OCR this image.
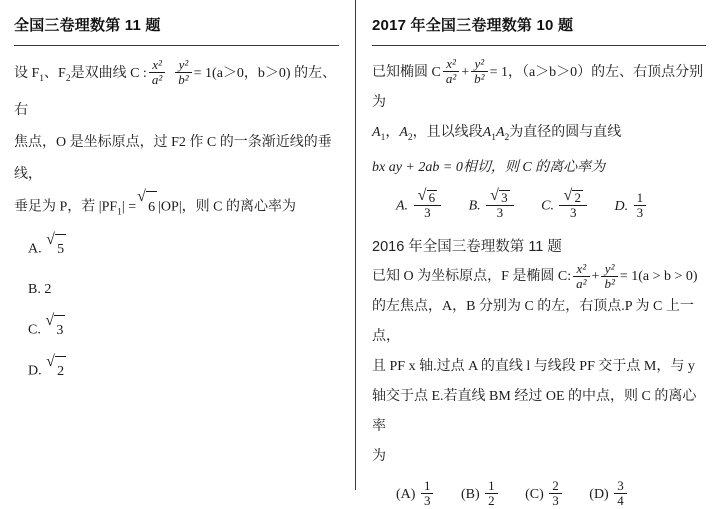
全国三卷理数第 11 题

设 $F_1$、$F_2$是双曲线 C : $\frac{\text{x²}}{\text{a²}} \frac{\text{y²}}{\text{b²}} = 1(a>0$，b＞0) 的左、右

焦点，O 是坐标原点，过 F2 作 C 的一条渐近线的垂线，

垂足为 P，若 $|PF_1|$ = √ 6 |OP|，则 C 的离心率为

A. √ 5
B. 2
C. √ 3
D. √ 2
2017 年全国三卷理数第 10 题

已知椭圆 C $\frac{\text{x²}}{\text{a²}} + \frac{\text{y²}}{\text{b²}} = 1$，（a＞b＞0）的左、右顶点分别为

$A_1$，$A_2$，且以线段$A_1A_2$为直径的圆与直线

bx ay + 2ab = 0相切，则 C 的离心率为

A. √ $\frac{6}{3} B$. √ $\frac{3}{3} C$. √ $\frac{2}{3} D$. $\frac{1}{3}$
2016 年全国三卷理数第 11 题

已知 O 为坐标原点，F 是椭圆 C: $\frac{\text{x²}}{\text{a²}} + \frac{\text{y²}}{\text{b²}} = 1(a > b > 0)$

的左焦点，A，B 分别为 C 的左，右顶点.P 为 C 上一点，

且 PF x 轴.过点 A 的直线 l 与线段 PF 交于点 M，与 y

轴交于点 E.若直线 BM 经过 OE 的中点，则 C 的离心率

为

$(A) \frac{1}{3} (B) \frac{1}{2} (C) \frac{2}{3} (D) \frac{3}{4}$
